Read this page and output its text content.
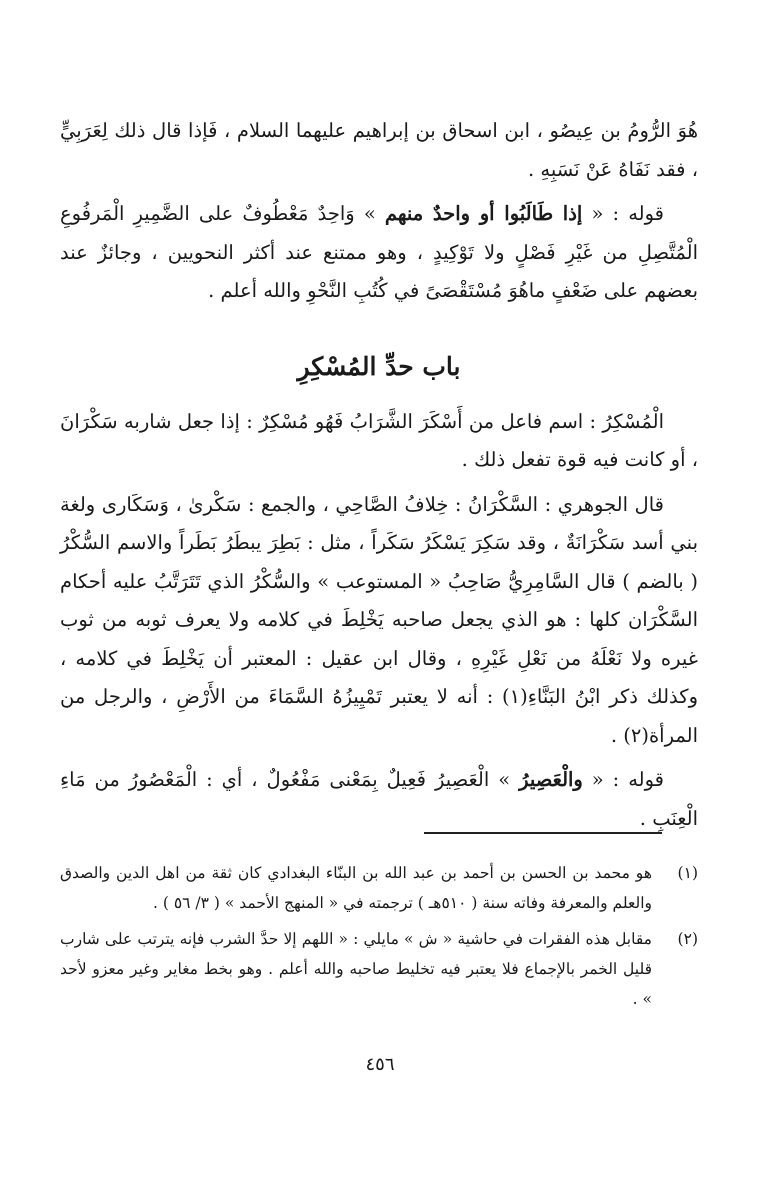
هُوَ الرُّومُ بن عِيصُو ، ابن اسحاق بن إبراهيم عليهما السلام ، فَإذا قال ذلك لِعَرَبِيٍّ ، فقد نَفَاهُ عَنْ نَسَبِهِ .

قوله : « إذا طَالَبُوا أو واحدٌ منهم » وَاحِدٌ مَعْطُوفٌ على الضَّمِيرِ الْمَرفُوعِ الْمُتَّصِلِ من غَيْرِ فَصْلٍ ولا تَوْكِيدٍ ، وهو ممتنع عند أكثر النحويين ، وجائزٌ عند بعضهم على ضَعْفٍ ماهُوَ مُسْتَقْصَىً في كُتُبِ النَّحْوِ والله أعلم .

باب حدِّ المُسْكِرِ

الْمُسْكِرُ : اسم فاعل من أَسْكَرَ الشَّرَابُ فَهُو مُسْكِرٌ : إذا جعل شاربه سَكْرَانَ ، أو كانت فيه قوة تفعل ذلك .

قال الجوهري : السَّكْرَانُ : خِلافُ الصَّاحِي ، والجمع : سَكْرىٰ ، وَسَكَارى ولغة بني أسد سَكْرَانَةٌ ، وقد سَكِرَ يَسْكَرُ سَكَراً ، مثل : بَطِرَ يبطَرُ بَطَراً والاسم السُّكْرُ ( بالضم ) قال السَّامِرِيُّ صَاحِبُ « المستوعب » والسُّكْرُ الذي تَتَرَتَّبُ عليه أحكام السَّكْرَان كلها : هو الذي يجعل صاحبه يَخْلِطَ في كلامه ولا يعرف ثوبه من ثوب غيره ولا نَعْلَهُ من نَعْلِ غَيْرِهِ ، وقال ابن عقيل : المعتبر أن يَخْلِطَ في كلامه ، وكذلك ذكر ابْنُ البَنَّاءِ(١) : أنه لا يعتبر تَمْيِيزُهُ السَّمَاءَ من الأَرْضِ ، والرجل من المرأة(٢) .

قوله : « والْعَصِيرُ » الْعَصِيرُ فَعِيلٌ بِمَعْنى مَفْعُولٌ ، أي : الْمَعْصُورُ من مَاءِ الْعِنَبِ .

(١)
هو محمد بن الحسن بن أحمد بن عبد الله بن البنّاء البغدادي كان ثقة من اهل الدين والصدق والعلم والمعرفة وفاته سنة ( ٥١٠هـ ) ترجمته في « المنهج الأحمد » ( ٣/ ٥٦ ) .
(٢)
مقابل هذه الفقرات في حاشية « ش » مايلي : « اللهم إلا حدَّ الشرب فإنه يترتب على شارب قليل الخمر بالإجماع فلا يعتبر فيه تخليط صاحبه والله أعلم . وهو بخط مغاير وغير معزو لأحد » .
٤٥٦
